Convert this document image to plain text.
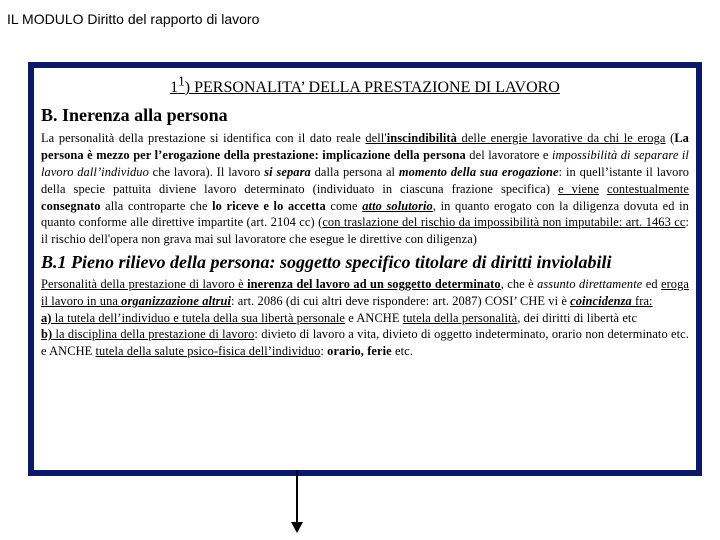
IL MODULO Diritto del rapporto di lavoro
$1^1$) PERSONALITA’ DELLA PRESTAZIONE DI LAVORO
B. Inerenza alla persona
La personalità della prestazione si identifica con il dato reale dell'inscindibilità delle energie lavorative da chi le eroga (La persona è mezzo per l’erogazione della prestazione: implicazione della persona del lavoratore e impossibilità di separare il lavoro dall’individuo che lavora). Il lavoro si separa dalla persona al momento della sua erogazione: in quell’istante il lavoro della specie pattuita diviene lavoro determinato (individuato in ciascuna frazione specifica) e viene contestualmente consegnato alla controparte che lo riceve e lo accetta come atto solutorio, in quanto erogato con la diligenza dovuta ed in quanto conforme alle direttive impartite (art. 2104 cc) (con traslazione del rischio da impossibilità non imputabile: art. 1463 cc: il rischio dell'opera non grava mai sul lavoratore che esegue le direttive con diligenza)
B.1 Pieno rilievo della persona: soggetto specifico titolare di diritti inviolabili
Personalità della prestazione di lavoro è inerenza del lavoro ad un soggetto determinato, che è assunto direttamente ed eroga il lavoro in una organizzazione altrui: art. 2086 (di cui altri deve rispondere: art. 2087) COSI’ CHE vi è coincidenza fra:
a) la tutela dell’individuo e tutela della sua libertà personale e ANCHE tutela della personalità, dei diritti di libertà etc
b) la disciplina della prestazione di lavoro: divieto di lavoro a vita, divieto di oggetto indeterminato, orario non determinato etc. e ANCHE tutela della salute psico-fisica dell’individuo: orario, ferie etc.
